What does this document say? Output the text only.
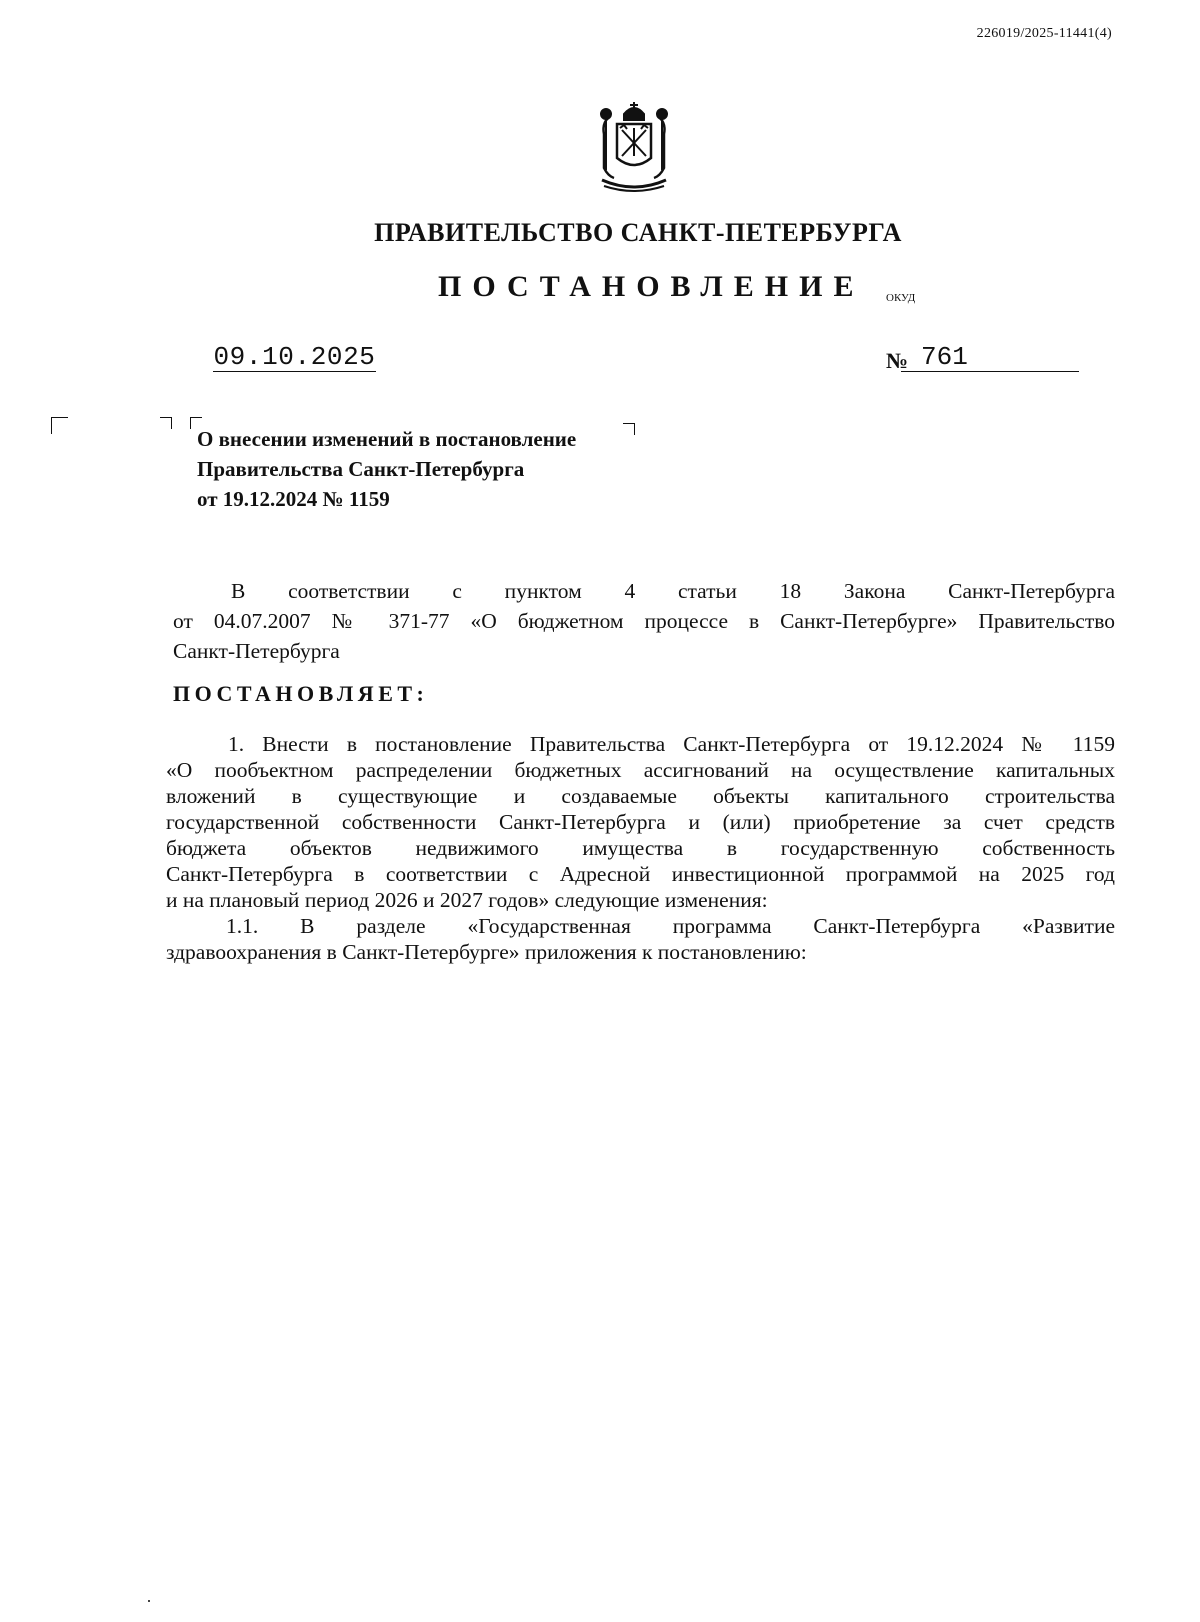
226019/2025-11441(4)
ПРАВИТЕЛЬСТВО САНКТ-ПЕТЕРБУРГА
ПОСТАНОВЛЕНИЕ ОКУД
09.10.2025	№ 761
О внесении изменений в постановление
Правительства Санкт-Петербурга
от 19.12.2024 № 1159
В соответствии с пунктом 4 статьи 18 Закона Санкт-Петербурга
от 04.07.2007 № 371-77 «О бюджетном процессе в Санкт-Петербурге» Правительство
Санкт-Петербурга
ПОСТАНОВЛЯЕТ:
1. Внести в постановление Правительства Санкт-Петербурга от 19.12.2024 № 1159
«О пообъектном распределении бюджетных ассигнований на осуществление капитальных
вложений в существующие и создаваемые объекты капитального строительства
государственной собственности Санкт-Петербурга и (или) приобретение за счет средств
бюджета объектов недвижимого имущества в государственную собственность
Санкт-Петербурга в соответствии с Адресной инвестиционной программой на 2025 год
и на плановый период 2026 и 2027 годов» следующие изменения:
1.1. В разделе «Государственная программа Санкт-Петербурга «Развитие
здравоохранения в Санкт-Петербурге» приложения к постановлению:
